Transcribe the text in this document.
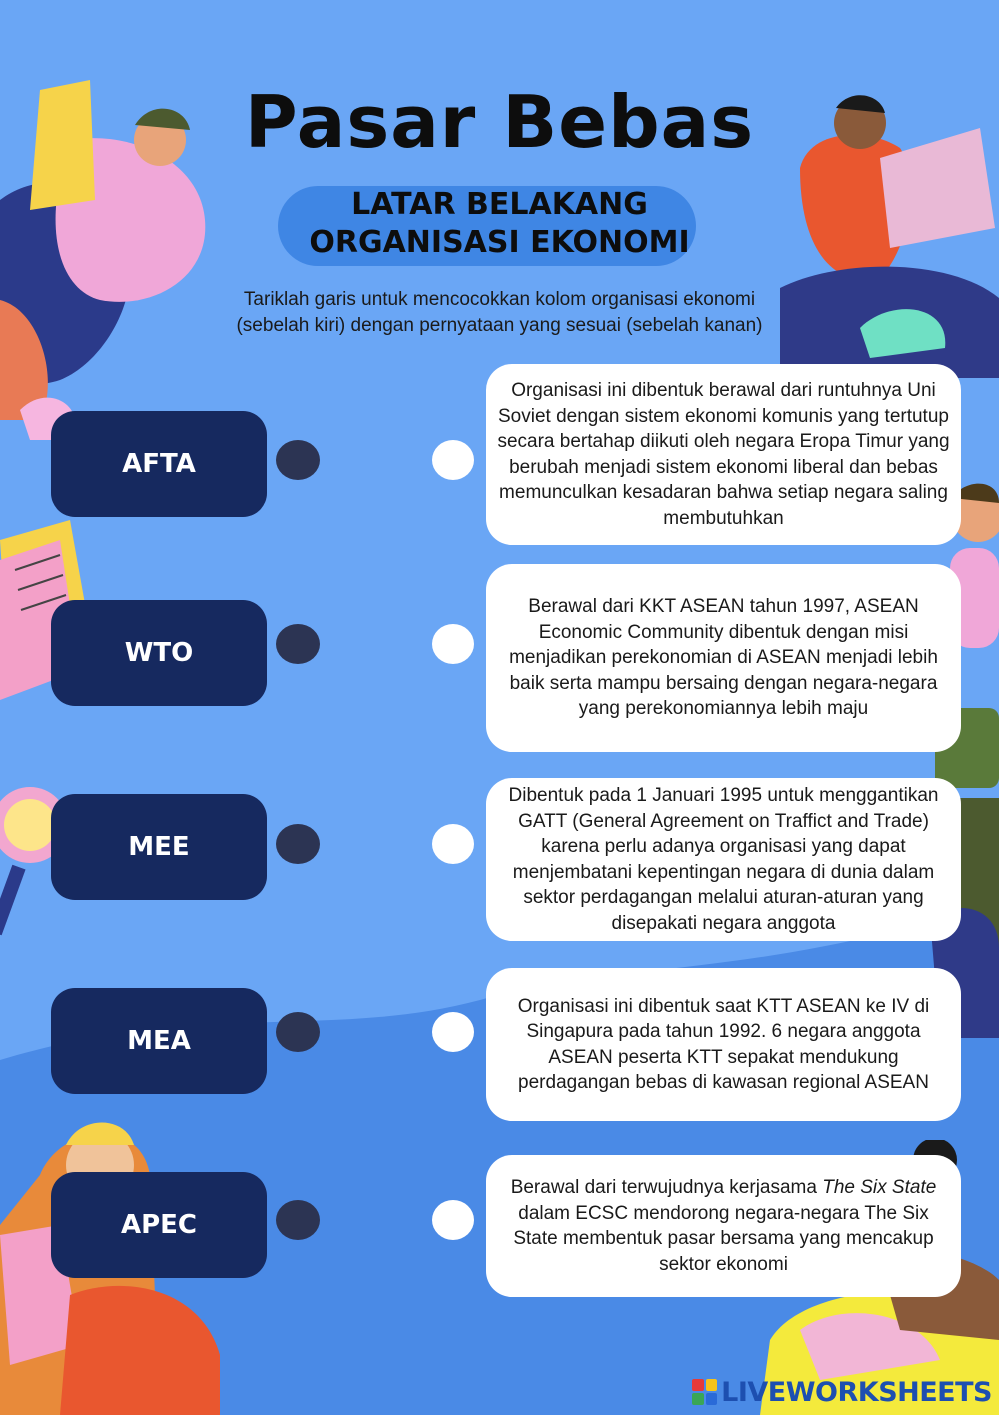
Pasar Bebas
LATAR BELAKANG
ORGANISASI EKONOMI
Tariklah garis untuk mencocokkan kolom organisasi ekonomi
(sebelah kiri) dengan pernyataan yang sesuai (sebelah kanan)
AFTA
Organisasi ini dibentuk berawal dari runtuhnya Uni Soviet dengan sistem ekonomi komunis yang tertutup secara bertahap diikuti oleh negara Eropa Timur yang berubah menjadi sistem ekonomi liberal dan bebas memunculkan kesadaran bahwa setiap negara saling membutuhkan
WTO
Berawal dari KKT ASEAN tahun 1997, ASEAN Economic Community dibentuk dengan misi menjadikan perekonomian di ASEAN menjadi lebih baik serta mampu bersaing dengan negara-negara yang perekonomiannya lebih maju
MEE
Dibentuk pada 1 Januari 1995 untuk menggantikan GATT (General Agreement on Traffict and Trade) karena perlu adanya organisasi yang dapat menjembatani kepentingan negara di dunia dalam sektor perdagangan melalui aturan-aturan yang disepakati negara anggota
MEA
Organisasi ini dibentuk saat KTT ASEAN ke IV di Singapura pada tahun 1992. 6 negara anggota ASEAN peserta KTT sepakat mendukung perdagangan bebas di kawasan regional ASEAN
APEC
Berawal dari terwujudnya kerjasama The Six State dalam ECSC mendorong negara-negara The Six State membentuk pasar bersama yang mencakup sektor ekonomi
LIVEWORKSHEETS
